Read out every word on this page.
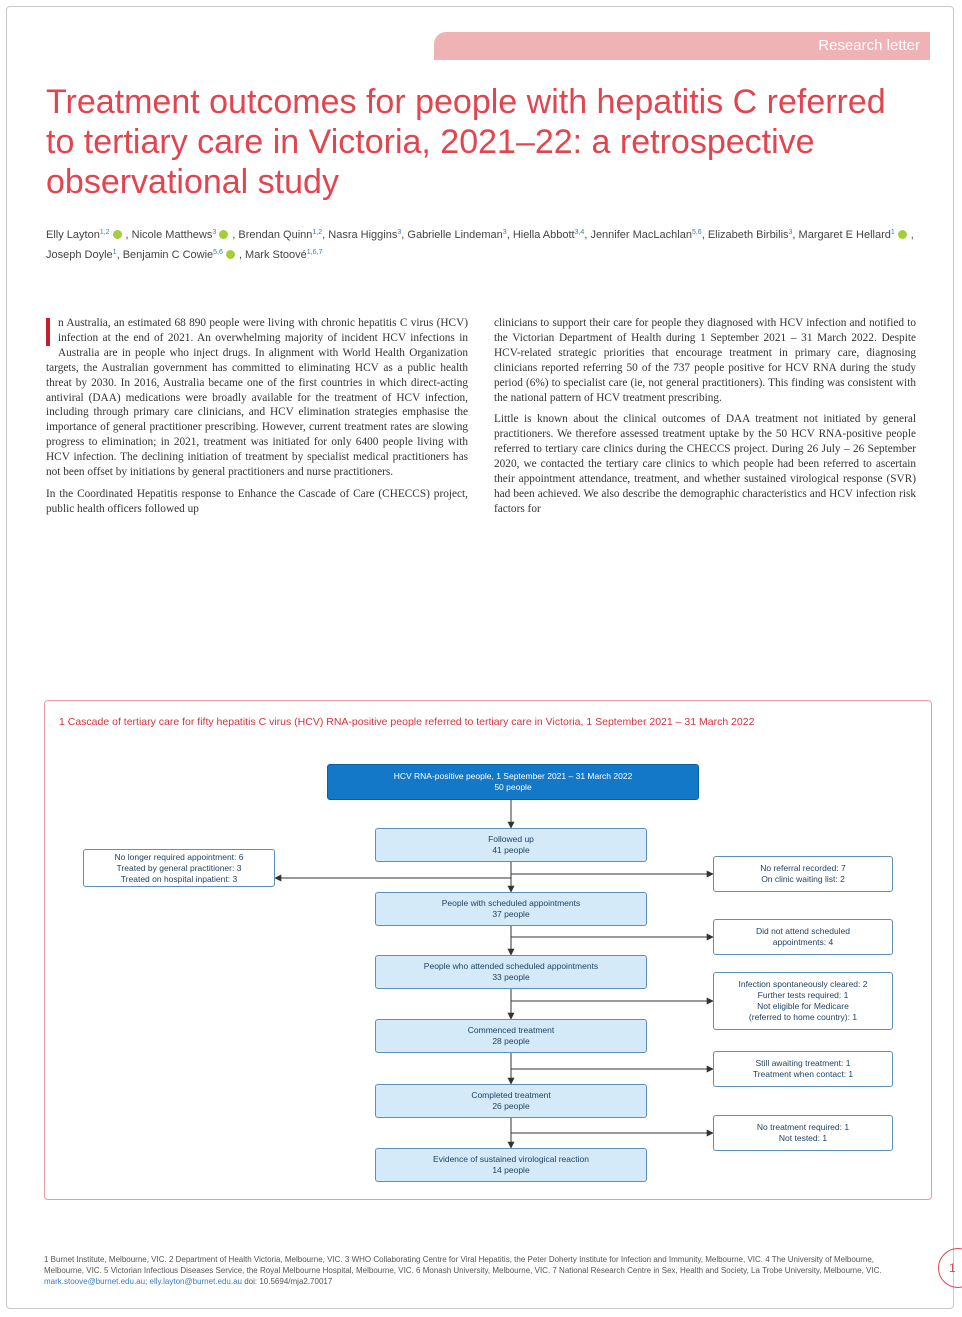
Research letter
Treatment outcomes for people with hepatitis C referred to tertiary care in Victoria, 2021–22: a retrospective observational study
Elly Layton$^{1,2}$ , Nicole Matthews$^3$ , Brendan Quinn$^{1,2}$, Nasra Higgins$^3$, Gabrielle Lindeman$^3$, Hiella Abbott$^{3,4}$, Jennifer MacLachlan$^{5,6}$, Elizabeth Birbilis$^3$, Margaret E Hellard$^1$ , Joseph Doyle$^1$, Benjamin C Cowie$^{5,6}$ , Mark Stoové$^{1,6,7}$

n Australia, an estimated 68 890 people were living with chronic hepatitis C virus (HCV) infection at the end of 2021. An overwhelming majority of incident HCV infections in Australia are in people who inject drugs. In alignment with World Health Organization targets, the Australian government has committed to eliminating HCV as a public health threat by 2030. In 2016, Australia became one of the first countries in which direct-acting antiviral (DAA) medications were broadly available for the treatment of HCV infection, including through primary care clinicians, and HCV elimination strategies emphasise the importance of general practitioner prescribing. However, current treatment rates are slowing progress to elimination; in 2021, treatment was initiated for only 6400 people living with HCV infection. The declining initiation of treatment by specialist medical practitioners has not been offset by initiations by general practitioners and nurse practitioners.

In the Coordinated Hepatitis response to Enhance the Cascade of Care (CHECCS) project, public health officers followed up

clinicians to support their care for people they diagnosed with HCV infection and notified to the Victorian Department of Health during 1 September 2021 – 31 March 2022. Despite HCV-related strategic priorities that encourage treatment in primary care, diagnosing clinicians reported referring 50 of the 737 people positive for HCV RNA during the study period (6%) to specialist care (ie, not general practitioners). This finding was consistent with the national pattern of HCV treatment prescribing.

Little is known about the clinical outcomes of DAA treatment not initiated by general practitioners. We therefore assessed treatment uptake by the 50 HCV RNA-positive people referred to tertiary care clinics during the CHECCS project. During 26 July – 26 September 2020, we contacted the tertiary care clinics to which people had been referred to ascertain their appointment attendance, treatment, and whether sustained virological response (SVR) had been achieved. We also describe the demographic characteristics and HCV infection risk factors for

1 Cascade of tertiary care for fifty hepatitis C virus (HCV) RNA-positive people referred to tertiary care in Victoria, 1 September 2021 – 31 March 2022
HCV RNA-positive people, 1 September 2021 – 31 March 2022
50 people
Followed up
41 people
People with scheduled appointments
37 people
People who attended scheduled appointments
33 people
Commenced treatment
28 people
Completed treatment
26 people
Evidence of sustained virological reaction
14 people
No longer required appointment: 6
Treated by general practitioner: 3
Treated on hospital inpatient: 3
No referral recorded: 7
On clinic waiting list: 2
Did not attend scheduled
appointments: 4
Infection spontaneously cleared: 2
Further tests required: 1
Not eligible for Medicare
(referred to home country): 1
Still awaiting treatment: 1
Treatment when contact: 1
No treatment required: 1
Not tested: 1
1 Burnet Institute, Melbourne, VIC. 2 Department of Health Victoria, Melbourne, VIC. 3 WHO Collaborating Centre for Viral Hepatitis, the Peter Doherty Institute for Infection and Immunity, Melbourne, VIC. 4 The University of Melbourne, Melbourne, VIC. 5 Victorian Infectious Diseases Service, the Royal Melbourne Hospital, Melbourne, VIC. 6 Monash University, Melbourne, VIC. 7 National Research Centre in Sex, Health and Society, La Trobe University, Melbourne, VIC. mark.stoove@burnet.edu.au; elly.layton@burnet.edu.au doi: 10.5694/mja2.70017
1
